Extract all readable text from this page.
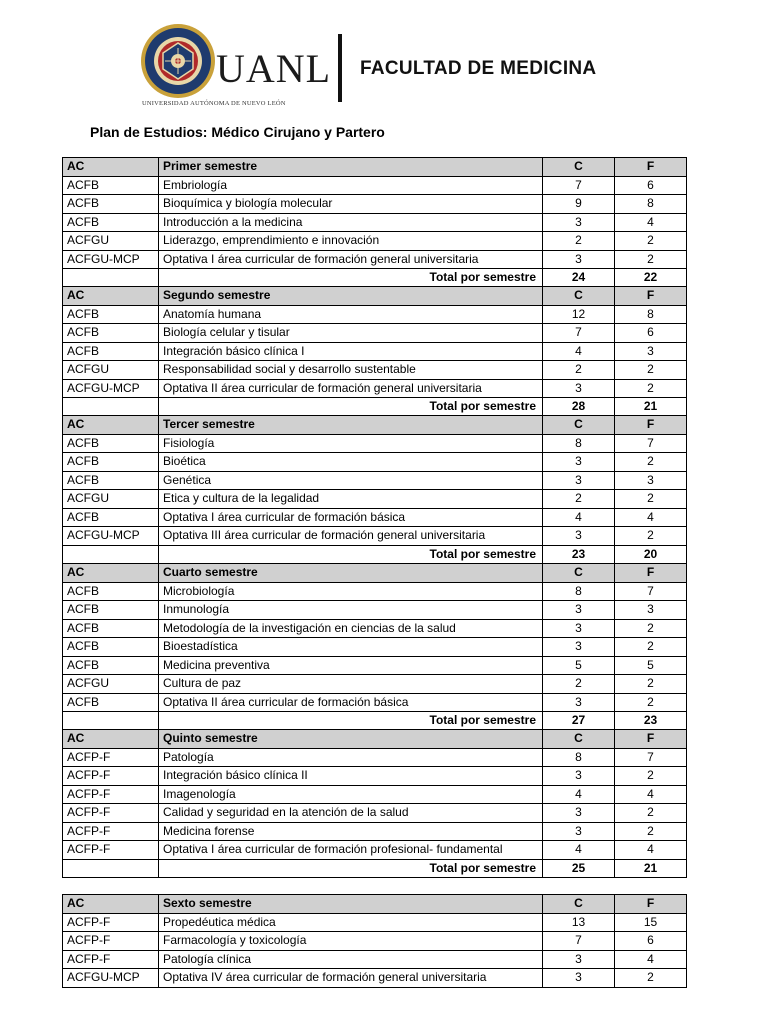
UANL
UNIVERSIDAD AUTÓNOMA DE NUEVO LEÓN
FACULTAD DE MEDICINA
Plan de Estudios: Médico Cirujano y Partero
AC	Primer semestre	C	F
ACFB	Embriología	7	6
ACFB	Bioquímica y biología molecular	9	8
ACFB	Introducción a la medicina	3	4
ACFGU	Liderazgo, emprendimiento e innovación	2	2
ACFGU-MCP	Optativa I área curricular de formación general universitaria	3	2
	Total por semestre	24	22
AC	Segundo semestre	C	F
ACFB	Anatomía humana	12	8
ACFB	Biología celular y tisular	7	6
ACFB	Integración básico clínica I	4	3
ACFGU	Responsabilidad social y desarrollo sustentable	2	2
ACFGU-MCP	Optativa II área curricular de formación general universitaria	3	2
	Total por semestre	28	21
AC	Tercer semestre	C	F
ACFB	Fisiología	8	7
ACFB	Bioética	3	2
ACFB	Genética	3	3
ACFGU	Etica y cultura de la legalidad	2	2
ACFB	Optativa I área curricular de formación básica	4	4
ACFGU-MCP	Optativa III área curricular de formación general universitaria	3	2
	Total por semestre	23	20
AC	Cuarto semestre	C	F
ACFB	Microbiología	8	7
ACFB	Inmunología	3	3
ACFB	Metodología de la investigación en ciencias de la salud	3	2
ACFB	Bioestadística	3	2
ACFB	Medicina preventiva	5	5
ACFGU	Cultura de paz	2	2
ACFB	Optativa II área curricular de formación básica	3	2
	Total por semestre	27	23
AC	Quinto semestre	C	F
ACFP-F	Patología	8	7
ACFP-F	Integración básico clínica II	3	2
ACFP-F	Imagenología	4	4
ACFP-F	Calidad y seguridad en la atención de la salud	3	2
ACFP-F	Medicina forense	3	2
ACFP-F	Optativa I área curricular de formación profesional- fundamental	4	4
	Total por semestre	25	21
AC	Sexto semestre	C	F
ACFP-F	Propedéutica médica	13	15
ACFP-F	Farmacología y toxicología	7	6
ACFP-F	Patología clínica	3	4
ACFGU-MCP	Optativa IV área curricular de formación general universitaria	3	2
